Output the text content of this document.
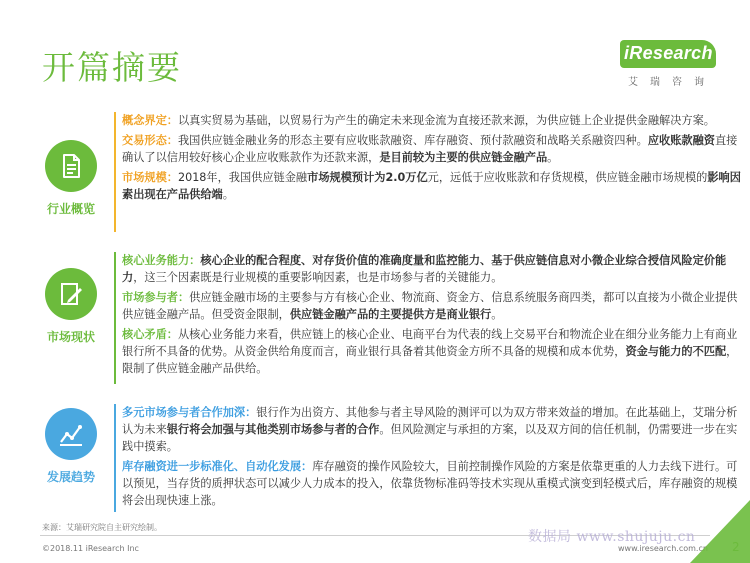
开篇摘要	iResearch
艾瑞咨询
行业概览
概念界定：以真实贸易为基础，以贸易行为产生的确定未来现金流为直接还款来源，为供应链上企业提供金融解决方案。
交易形态：我国供应链金融业务的形态主要有应收账款融资、库存融资、预付款融资和战略关系融资四种。应收账款融资直接确认了以信用较好核心企业应收账款作为还款来源，是目前较为主要的供应链金融产品。
市场规模：2018年，我国供应链金融市场规模预计为2.0万亿元，远低于应收账款和存货规模，供应链金融市场规模的影响因素出现在产品供给端。
市场现状
核心业务能力：核心企业的配合程度、对存货价值的准确度量和监控能力、基于供应链信息对小微企业综合授信风险定价能力，这三个因素既是行业规模的重要影响因素，也是市场参与者的关键能力。
市场参与者：供应链金融市场的主要参与方有核心企业、物流商、资金方、信息系统服务商四类，都可以直接为小微企业提供供应链金融产品。但受资金限制，供应链金融产品的主要提供方是商业银行。
核心矛盾：从核心业务能力来看，供应链上的核心企业、电商平台为代表的线上交易平台和物流企业在细分业务能力上有商业银行所不具备的优势。从资金供给角度而言，商业银行具备着其他资金方所不具备的规模和成本优势，资金与能力的不匹配，限制了供应链金融产品供给。
发展趋势
多元市场参与者合作加深：银行作为出资方、其他参与者主导风险的测评可以为双方带来效益的增加。在此基础上，艾瑞分析认为未来银行将会加强与其他类别市场参与者的合作。但风险测定与承担的方案，以及双方间的信任机制，仍需要进一步在实践中摸索。
库存融资进一步标准化、自动化发展：库存融资的操作风险较大，目前控制操作风险的方案是依靠更重的人力去线下进行。可以预见，当存货的质押状态可以减少人力成本的投入，依靠货物标准码等技术实现从重模式演变到轻模式后，库存融资的规模将会出现快速上涨。
来源：艾瑞研究院自主研究绘制。
©2018.11 iResearch Inc
数据局 www.shujuju.cn
www.iresearch.com.cn 2
